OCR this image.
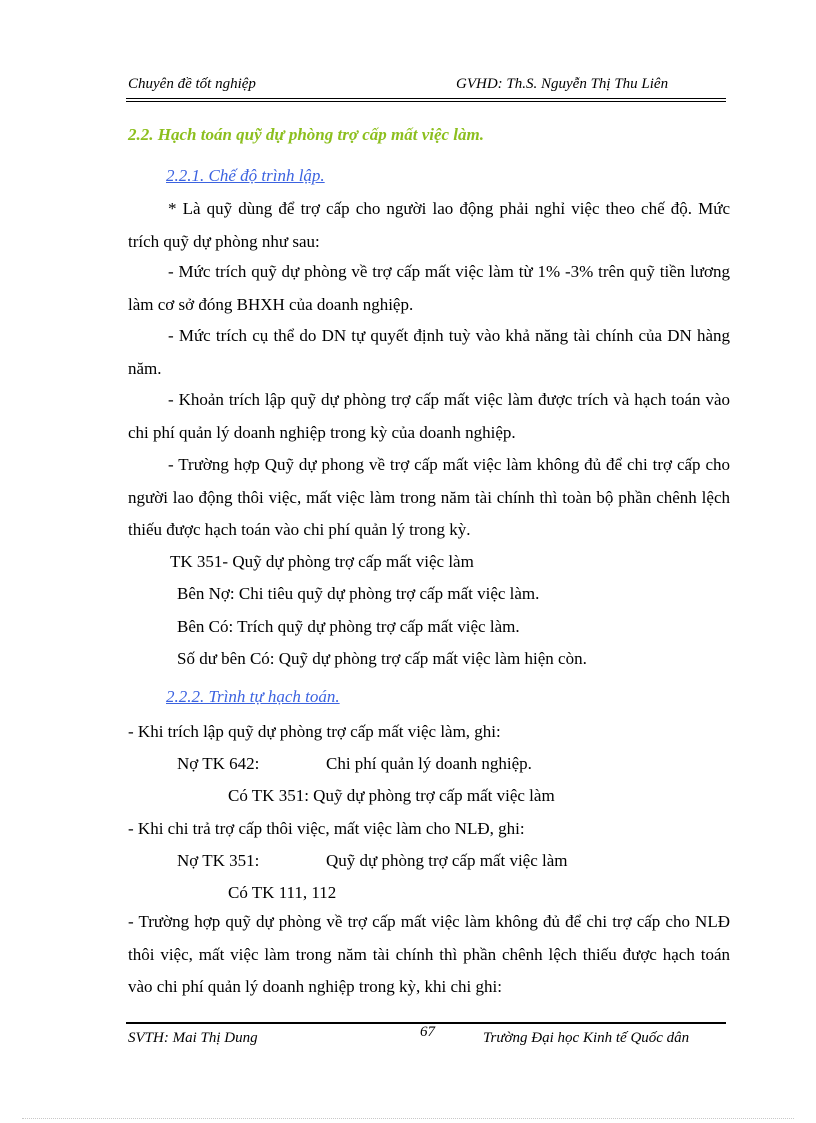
Chuyên đề tốt nghiệp	GVHD: Th.S. Nguyễn Thị Thu Liên
2.2. Hạch toán quỹ dự phòng trợ cấp mất việc làm.
2.2.1. Chế độ trình lập.
* Là quỹ dùng để trợ cấp cho người lao động phải nghỉ việc theo chế độ. Mức trích quỹ dự phòng như sau:
- Mức trích quỹ dự phòng về trợ cấp mất việc làm từ 1% -3% trên quỹ tiền lương làm cơ sở đóng BHXH của doanh nghiệp.
- Mức trích cụ thể do DN tự quyết định tuỳ vào khả năng tài chính của DN hàng năm.
- Khoản trích lập quỹ dự phòng trợ cấp mất việc làm được trích và hạch toán vào chi phí quản lý doanh nghiệp trong kỳ của doanh nghiệp.
- Trường hợp Quỹ dự phong về trợ cấp mất việc làm không đủ để chi trợ cấp cho người lao động thôi việc, mất việc làm trong năm tài chính thì toàn bộ phần chênh lệch thiếu được hạch toán vào chi phí quản lý trong kỳ.
TK 351- Quỹ dự phòng trợ cấp mất việc làm
Bên Nợ: Chi tiêu quỹ dự phòng trợ cấp mất việc làm.
Bên Có: Trích quỹ dự phòng trợ cấp mất việc làm.
Số dư bên Có: Quỹ dự phòng trợ cấp mất việc làm hiện còn.
2.2.2. Trình tự hạch toán.
- Khi trích lập quỹ dự phòng trợ cấp mất việc làm, ghi:
Nợ TK 642:	Chi phí quản lý doanh nghiệp.
Có TK 351: Quỹ dự phòng trợ cấp mất việc làm
- Khi chi trả trợ cấp thôi việc, mất việc làm cho NLĐ, ghi:
Nợ TK 351:	Quỹ dự phòng trợ cấp mất việc làm
Có TK 111, 112
- Trường hợp quỹ dự phòng về trợ cấp mất việc làm không đủ để chi trợ cấp cho NLĐ thôi việc, mất việc làm trong năm tài chính thì phần chênh lệch thiếu được hạch toán vào chi phí quản lý doanh nghiệp trong kỳ, khi chi ghi:
SVTH: Mai Thị Dung	67	Trường Đại học Kinh tế Quốc dân
